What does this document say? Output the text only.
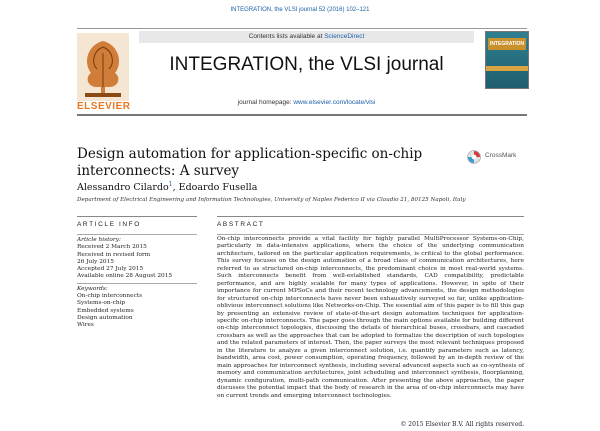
INTEGRATION, the VLSI journal 52 (2016) 102–121
ELSEVIER
Contents lists available at ScienceDirect
INTEGRATION, the VLSI journal
journal homepage: www.elsevier.com/locate/vlsi
INTEGRATION
Design automation for application-specific on-chip interconnects: A survey
CrossMark
Alessandro Cilardo$^1$, Edoardo Fusella
Department of Electrical Engineering and Information Technologies, University of Naples Federico II via Claudio 21, 80125 Napoli, Italy
ARTICLE INFO	ABSTRACT
Article history:
Received 2 March 2015
Received in revised form
26 July 2015
Accepted 27 July 2015
Available online 28 August 2015
Keywords:
On-chip interconnects
Systems-on-chip
Embedded systems
Design automation
Wires
On-chip interconnects provide a vital facility for highly parallel MultiProcessor Systems-on-Chip, particularly in data-intensive applications, where the choice of the underlying communication architecture, tailored on the particular application requirements, is critical to the global performance. This survey focuses on the design automation of a broad class of communication architectures, here referred to as structured on-chip interconnects, the predominant choice in most real-world systems. Such interconnects benefit from well-established standards, CAD compatibility, predictable performance, and are highly scalable for many types of applications. However, in spite of their importance for current MPSoCs and their recent technology advancements, the design methodologies for structured on-chip interconnects have never been exhaustively surveyed so far, unlike application-oblivious interconnect solutions like Networks-on-Chip. The essential aim of this paper is to fill this gap by presenting an extensive review of state-of-the-art design automation techniques for application-specific on-chip interconnects. The paper goes through the main options available for building different on-chip interconnect topologies, discussing the details of hierarchical buses, crossbars, and cascaded crossbars as well as the approaches that can be adopted to formalize the description of such topologies and the related parameters of interest. Then, the paper surveys the most relevant techniques proposed in the literature to analyze a given interconnect solution, i.e. quantify parameters such as latency, bandwidth, area cost, power consumption, operating frequency, followed by an in-depth review of the main approaches for interconnect synthesis, including several advanced aspects such as co-synthesis of memory and communication architectures, joint scheduling and interconnect synthesis, floorplanning, dynamic configuration, multi-path communication. After presenting the above approaches, the paper discusses the potential impact that the body of research in the area of on-chip interconnects may have on current trends and emerging interconnect technologies.
© 2015 Elsevier B.V. All rights reserved.
